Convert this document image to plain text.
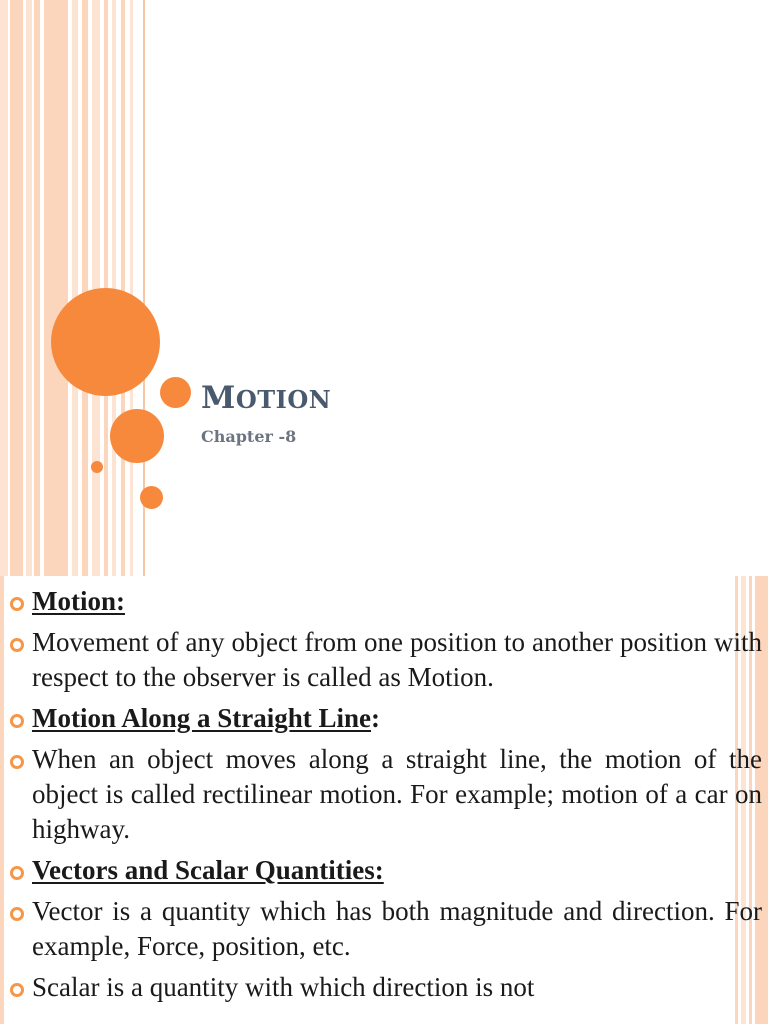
MOTION
Chapter -8
Motion:
Movement of any object from one position to another position with respect to the observer is called as Motion.
Motion Along a Straight Line:
When an object moves along a straight line, the motion of the object is called rectilinear motion. For example; motion of a car on highway.
Vectors and Scalar Quantities:
Vector is a quantity which has both magnitude and direction. For example, Force, position, etc.
Scalar is a quantity with which direction is not
